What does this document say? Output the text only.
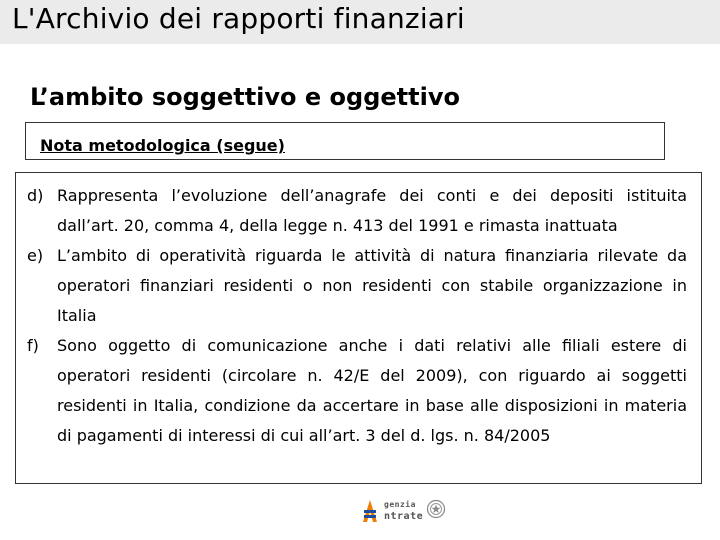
L'Archivio dei rapporti finanziari
L’ambito soggettivo e oggettivo
Nota metodologica (segue)
d) Rappresenta l’evoluzione dell’anagrafe dei conti e dei depositi istituita dall’art. 20, comma 4, della legge n. 413 del 1991 e rimasta inattuata
e) L’ambito di operatività riguarda le attività di natura finanziaria rilevate da operatori finanziari residenti o non residenti con stabile organizzazione in Italia
f) Sono oggetto di comunicazione anche i dati relativi alle filiali estere di operatori residenti (circolare n. 42/E del 2009), con riguardo ai soggetti residenti in Italia, condizione da accertare in base alle disposizioni in materia di pagamenti di interessi di cui all’art. 3 del d. lgs. n. 84/2005
genzia
ntrate
